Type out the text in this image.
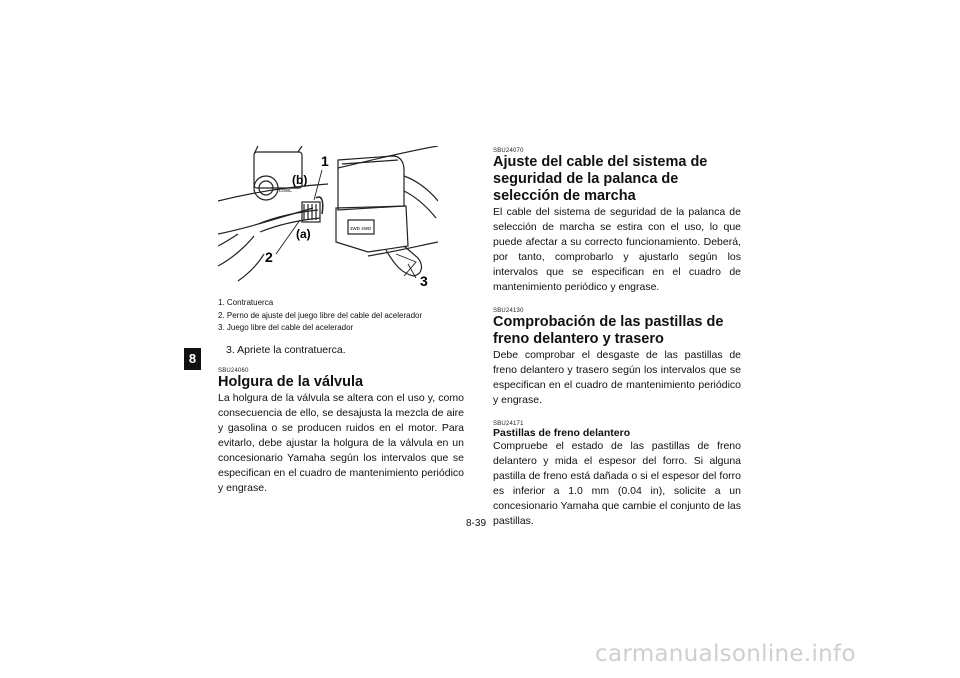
8
1
(b)
(a)
2
3
LOWL
2WD 4WD
1. Contratuerca
2. Perno de ajuste del juego libre del cable del acelerador
3. Juego libre del cable del acelerador
3. Apriete la contratuerca.
SBU24060
Holgura de la válvula
La holgura de la válvula se altera con el uso y, como consecuencia de ello, se desajusta la mezcla de aire y gasolina o se producen ruidos en el motor. Para evitarlo, debe ajustar la holgura de la válvula en un concesionario Yamaha según los intervalos que se especifican en el cuadro de mantenimiento periódico y engrase.
SBU24070
Ajuste del cable del sistema de seguridad de la palanca de selección de marcha
El cable del sistema de seguridad de la palanca de selección de marcha se estira con el uso, lo que puede afectar a su correcto funcionamiento. Deberá, por tanto, comprobarlo y ajustarlo según los intervalos que se especifican en el cuadro de mantenimiento periódico y engrase.
SBU24130
Comprobación de las pastillas de freno delantero y trasero
Debe comprobar el desgaste de las pastillas de freno delantero y trasero según los intervalos que se especifican en el cuadro de mantenimiento periódico y engrase.
SBU24171
Pastillas de freno delantero
Compruebe el estado de las pastillas de freno delantero y mida el espesor del forro. Si alguna pastilla de freno está dañada o si el espesor del forro es inferior a 1.0 mm (0.04 in), solicite a un concesionario Yamaha que cambie el conjunto de las pastillas.
8-39
carmanualsonline.info
